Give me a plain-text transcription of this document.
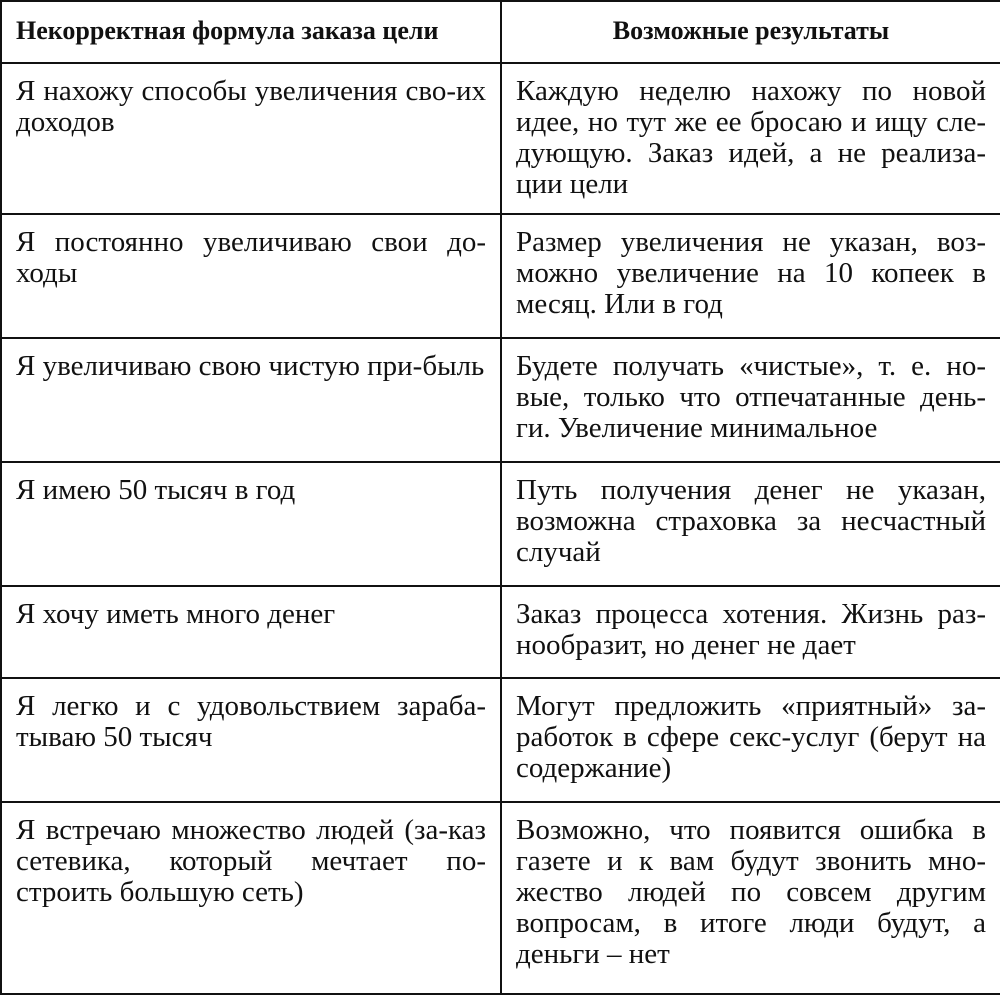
Некорректная формула заказа цели	Возможные результаты
Я нахожу способы увеличения сво-их доходов	Каждую неделю нахожу по новой идее, но тут же ее бросаю и ищу сле-дующую. Заказ идей, а не реализа-ции цели
Я постоянно увеличиваю свои до-ходы	Размер увеличения не указан, воз-можно увеличение на 10 копеек в месяц. Или в год
Я увеличиваю свою чистую при-быль	Будете получать «чистые», т. е. но-вые, только что отпечатанные день-ги. Увеличение минимальное
Я имею 50 тысяч в год	Путь получения денег не указан, возможна страховка за несчастный случай
Я хочу иметь много денег	Заказ процесса хотения. Жизнь раз-нообразит, но денег не дает
Я легко и с удовольствием зараба-тываю 50 тысяч	Могут предложить «приятный» за-работок в сфере секс-услуг (берут на содержание)
Я встречаю множество людей (за-каз сетевика, который мечтает по-строить большую сеть)	Возможно, что появится ошибка в газете и к вам будут звонить мно-жество людей по совсем другим вопросам, в итоге люди будут, а деньги – нет
